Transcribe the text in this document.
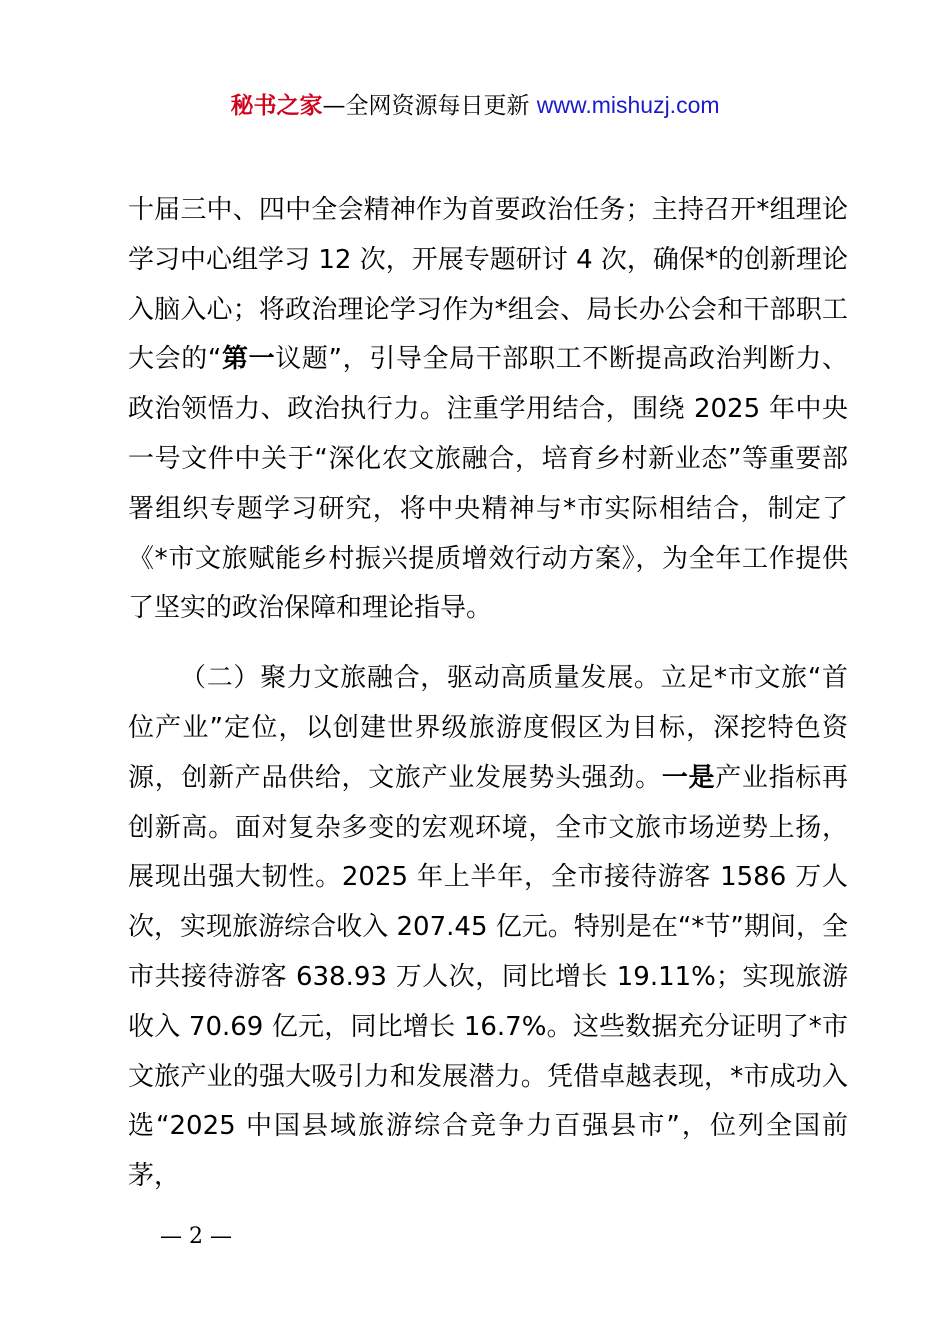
秘书之家—全网资源每日更新 www.mishuzj.com

十届三中、四中全会精神作为首要政治任务；主持召开*组理论学习中心组学习 12 次，开展专题研讨 4 次，确保*的创新理论入脑入心；将政治理论学习作为*组会、局长办公会和干部职工大会的“第一议题”，引导全局干部职工不断提高政治判断力、政治领悟力、政治执行力。注重学用结合，围绕 2025 年中央一号文件中关于“深化农文旅融合，培育乡村新业态”等重要部署组织专题学习研究，将中央精神与*市实际相结合，制定了《*市文旅赋能乡村振兴提质增效行动方案》，为全年工作提供了坚实的政治保障和理论指导。

（二）聚力文旅融合，驱动高质量发展。立足*市文旅“首位产业”定位，以创建世界级旅游度假区为目标，深挖特色资源，创新产品供给，文旅产业发展势头强劲。一是产业指标再创新高。面对复杂多变的宏观环境，全市文旅市场逆势上扬，展现出强大韧性。2025 年上半年，全市接待游客 1586 万人次，实现旅游综合收入 207.45 亿元。特别是在“*节”期间，全市共接待游客 638.93 万人次，同比增长 19.11%；实现旅游收入 70.69 亿元，同比增长 16.7%。这些数据充分证明了*市文旅产业的强大吸引力和发展潜力。凭借卓越表现，*市成功入选“2025 中国县域旅游综合竞争力百强县市”，位列全国前茅，

— 2 —
